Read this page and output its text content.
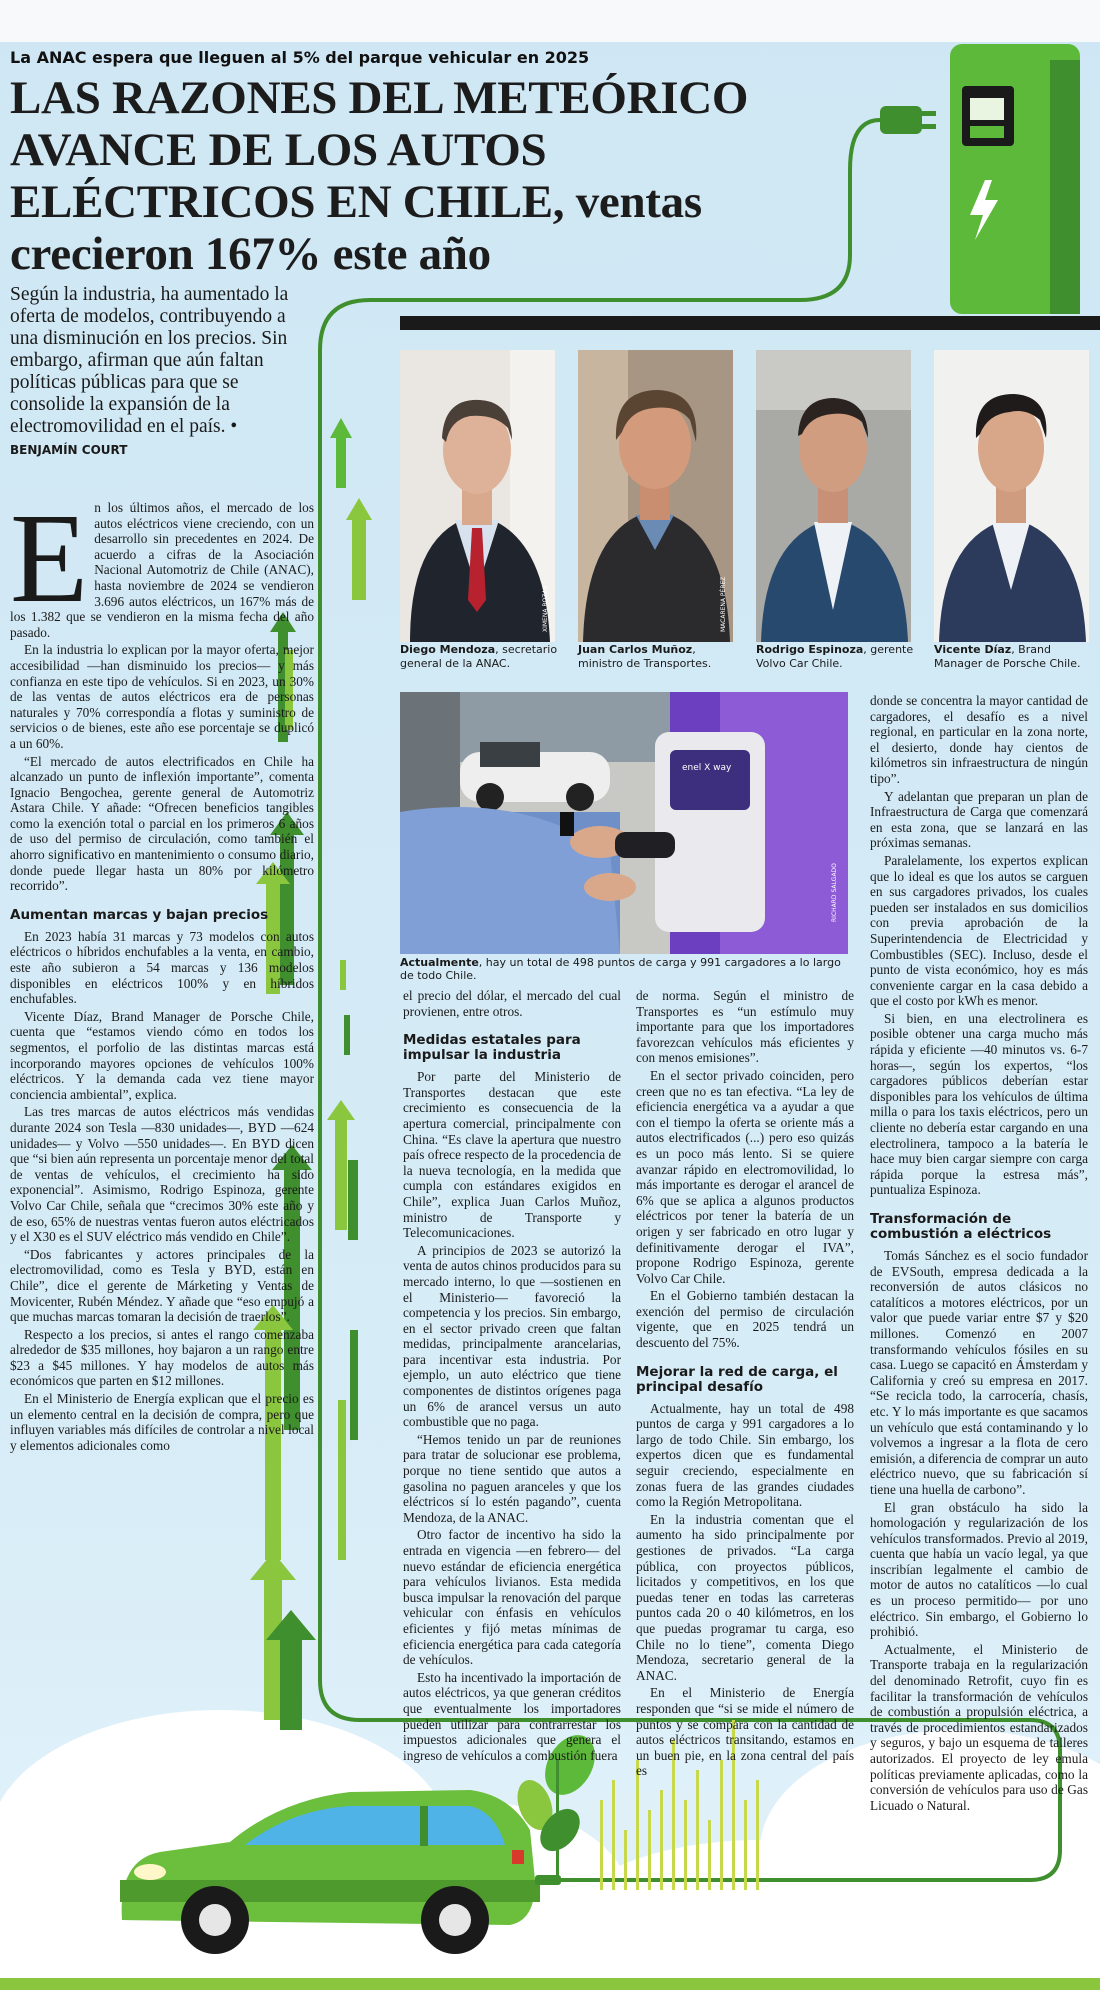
La ANAC espera que lleguen al 5% del parque vehicular en 2025
LAS RAZONES DEL METEÓRICO
AVANCE DE LOS AUTOS
ELÉCTRICOS EN CHILE, ventas
crecieron 167% este año
Según la industria, ha aumentado la oferta de modelos, contribuyendo a una disminución en los precios. Sin embargo, afirman que aún faltan políticas públicas para que se consolide la expansión de la electromovilidad en el país. • BENJAMÍN COURT
XIMENA ROZAS	MACARENA PÉREZ
Diego Mendoza, secretario general de la ANAC.
Juan Carlos Muñoz, ministro de Transportes.
Rodrigo Espinoza, gerente Volvo Car Chile.
Vicente Díaz, Brand Manager de Porsche Chile.
enel X way
RICHARD SALGADO
Actualmente, hay un total de 498 puntos de carga y 991 cargadores a lo largo de todo Chile.
E n los últimos años, el mercado de los autos eléctricos viene creciendo, con un desarrollo sin precedentes en 2024. De acuerdo a cifras de la Asociación Nacional Automotriz de Chile (ANAC), hasta noviembre de 2024 se vendieron 3.696 autos eléctricos, un 167% más de los 1.382 que se vendieron en la misma fecha del año pasado.

En la industria lo explican por la mayor oferta, mejor accesibilidad —han disminuido los precios— y más confianza en este tipo de vehículos. Si en 2023, un 30% de las ventas de autos eléctricos era de personas naturales y 70% correspondía a flotas y suministro de servicios o de bienes, este año ese porcentaje se duplicó a un 60%.

“El mercado de autos electrificados en Chile ha alcanzado un punto de inflexión importante”, comenta Ignacio Bengochea, gerente general de Automotriz Astara Chile. Y añade: “Ofrecen beneficios tangibles como la exención total o parcial en los primeros 6 años de uso del permiso de circulación, como también el ahorro significativo en mantenimiento o consumo diario, donde puede llegar hasta un 80% por kilómetro recorrido”.

Aumentan marcas y bajan precios

En 2023 había 31 marcas y 73 modelos con autos eléctricos o híbridos enchufables a la venta, en cambio, este año subieron a 54 marcas y 136 modelos disponibles en eléctricos 100% y en híbridos enchufables.

Vicente Díaz, Brand Manager de Porsche Chile, cuenta que “estamos viendo cómo en todos los segmentos, el porfolio de las distintas marcas está incorporando mayores opciones de vehículos 100% eléctricos. Y la demanda cada vez tiene mayor conciencia ambiental”, explica.

Las tres marcas de autos eléctricos más vendidas durante 2024 son Tesla —830 unidades—, BYD —624 unidades— y Volvo —550 unidades—. En BYD dicen que “si bien aún representa un porcentaje menor del total de ventas de vehículos, el crecimiento ha sido exponencial”. Asimismo, Rodrigo Espinoza, gerente Volvo Car Chile, señala que “crecimos 30% este año y de eso, 65% de nuestras ventas fueron autos eléctricados y el X30 es el SUV eléctrico más vendido en Chile”.

“Dos fabricantes y actores principales de la electromovilidad, como es Tesla y BYD, están en Chile”, dice el gerente de Márketing y Ventas de Movicenter, Rubén Méndez. Y añade que “eso empujó a que muchas marcas tomaran la decisión de traerlos”.

Respecto a los precios, si antes el rango comenzaba alrededor de $35 millones, hoy bajaron a un rango entre $23 a $45 millones. Y hay modelos de autos más económicos que parten en $12 millones.

En el Ministerio de Energía explican que el precio es un elemento central en la decisión de compra, pero que influyen variables más difíciles de controlar a nivel local y elementos adicionales como

el precio del dólar, el mercado del cual provienen, entre otros.

Medidas estatales para impulsar la industria

Por parte del Ministerio de Transportes destacan que este crecimiento es consecuencia de la apertura comercial, principalmente con China. “Es clave la apertura que nuestro país ofrece respecto de la procedencia de la nueva tecnología, en la medida que cumpla con estándares exigidos en Chile”, explica Juan Carlos Muñoz, ministro de Transporte y Telecomunicaciones.

A principios de 2023 se autorizó la venta de autos chinos producidos para su mercado interno, lo que —sostienen en el Ministerio— favoreció la competencia y los precios. Sin embargo, en el sector privado creen que faltan medidas, principalmente arancelarias, para incentivar esta industria. Por ejemplo, un auto eléctrico que tiene componentes de distintos orígenes paga un 6% de arancel versus un auto combustible que no paga.

“Hemos tenido un par de reuniones para tratar de solucionar ese problema, porque no tiene sentido que autos a gasolina no paguen aranceles y que los eléctricos sí lo estén pagando”, cuenta Mendoza, de la ANAC.

Otro factor de incentivo ha sido la entrada en vigencia —en febrero— del nuevo estándar de eficiencia energética para vehículos livianos. Esta medida busca impulsar la renovación del parque vehicular con énfasis en vehículos eficientes y fijó metas mínimas de eficiencia energética para cada categoría de vehículos.

Esto ha incentivado la importación de autos eléctricos, ya que generan créditos que eventualmente los importadores pueden utilizar para contrarrestar los impuestos adicionales que genera el ingreso de vehículos a combustión fuera

de norma. Según el ministro de Transportes es “un estímulo muy importante para que los importadores favorezcan vehículos más eficientes y con menos emisiones”.

En el sector privado coinciden, pero creen que no es tan efectiva. “La ley de eficiencia energética va a ayudar a que con el tiempo la oferta se oriente más a autos electrificados (...) pero eso quizás es un poco más lento. Si se quiere avanzar rápido en electromovilidad, lo más importante es derogar el arancel de 6% que se aplica a algunos productos eléctricos por tener la batería de un origen y ser fabricado en otro lugar y definitivamente derogar el IVA”, propone Rodrigo Espinoza, gerente Volvo Car Chile.

En el Gobierno también destacan la exención del permiso de circulación vigente, que en 2025 tendrá un descuento del 75%.

Mejorar la red de carga, el principal desafío

Actualmente, hay un total de 498 puntos de carga y 991 cargadores a lo largo de todo Chile. Sin embargo, los expertos dicen que es fundamental seguir creciendo, especialmente en zonas fuera de las grandes ciudades como la Región Metropolitana.

En la industria comentan que el aumento ha sido principalmente por gestiones de privados. “La carga pública, con proyectos públicos, licitados y competitivos, en los que puedas tener en todas las carreteras puntos cada 20 o 40 kilómetros, en los que puedas programar tu carga, eso Chile no lo tiene”, comenta Diego Mendoza, secretario general de la ANAC.

En el Ministerio de Energía responden que “si se mide el número de puntos y se compara con la cantidad de autos eléctricos transitando, estamos en un buen pie, en la zona central del país es

donde se concentra la mayor cantidad de cargadores, el desafío es a nivel regional, en particular en la zona norte, el desierto, donde hay cientos de kilómetros sin infraestructura de ningún tipo”.

Y adelantan que preparan un plan de Infraestructura de Carga que comenzará en esta zona, que se lanzará en las próximas semanas.

Paralelamente, los expertos explican que lo ideal es que los autos se carguen en sus cargadores privados, los cuales pueden ser instalados en sus domicilios con previa aprobación de la Superintendencia de Electricidad y Combustibles (SEC). Incluso, desde el punto de vista económico, hoy es más conveniente cargar en la casa debido a que el costo por kWh es menor.

Si bien, en una electrolinera es posible obtener una carga mucho más rápida y eficiente —40 minutos vs. 6-7 horas—, según los expertos, “los cargadores públicos deberían estar disponibles para los vehículos de última milla o para los taxis eléctricos, pero un cliente no debería estar cargando en una electrolinera, tampoco a la batería le hace muy bien cargar siempre con carga rápida porque la estresa más”, puntualiza Espinoza.

Transformación de combustión a eléctricos

Tomás Sánchez es el socio fundador de EVSouth, empresa dedicada a la reconversión de autos clásicos no catalíticos a motores eléctricos, por un valor que puede variar entre $7 y $20 millones. Comenzó en 2007 transformando vehículos fósiles en su casa. Luego se capacitó en Ámsterdam y California y creó su empresa en 2017. “Se recicla todo, la carrocería, chasís, etc. Y lo más importante es que sacamos un vehículo que está contaminando y lo volvemos a ingresar a la flota de cero emisión, a diferencia de comprar un auto eléctrico nuevo, que su fabricación sí tiene una huella de carbono”.

El gran obstáculo ha sido la homologación y regularización de los vehículos transformados. Previo al 2019, cuenta que había un vacío legal, ya que inscribían legalmente el cambio de motor de autos no catalíticos —lo cual es un proceso permitido— por uno eléctrico. Sin embargo, el Gobierno lo prohibió.

Actualmente, el Ministerio de Transporte trabaja en la regularización del denominado Retrofit, cuyo fin es facilitar la transformación de vehículos de combustión a propulsión eléctrica, a través de procedimientos estandarizados y seguros, y bajo un esquema de talleres autorizados. El proyecto de ley emula políticas previamente aplicadas, como la conversión de vehículos para uso de Gas Licuado o Natural.
